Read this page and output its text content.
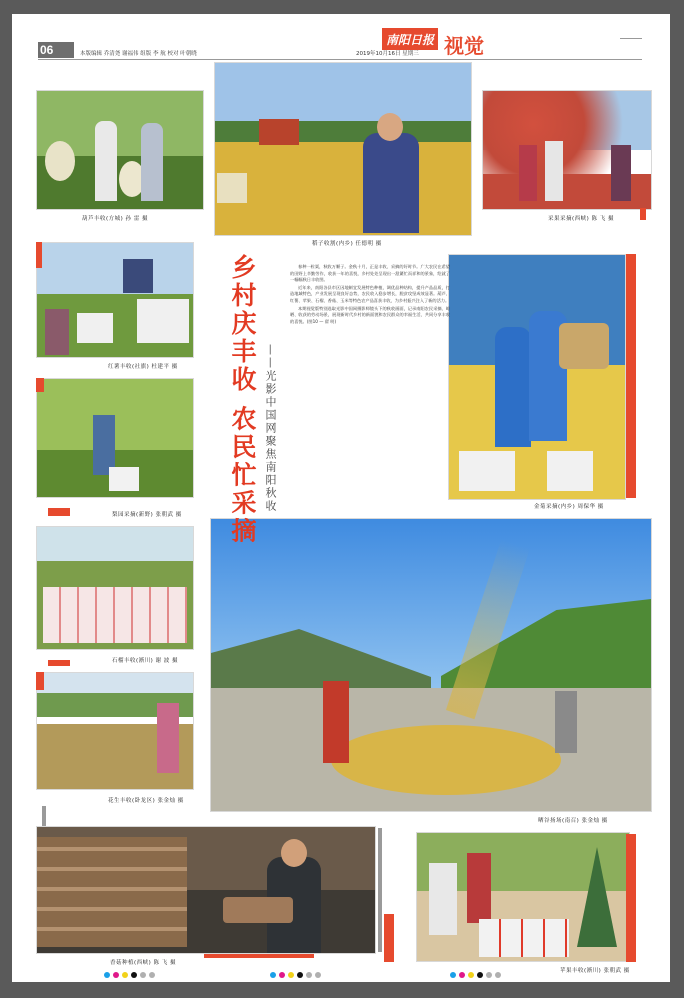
06	本版编辑 乔清尧 谢福伟 组版 李 航 校对 叶朝晓	2019年10月16日 星期三
南阳日报 视觉
葫芦丰收(方城) 孙 雷 摄
稻子收割(内乡) 任德明 摄
采果采摘(西峡) 陈 飞 摄
红薯丰收(社旗) 杜建平 摄
金菊采摘(内乡) 周保华 摄
梨园采摘(新野) 张朝武 摄
石榴丰收(淅川) 谢 波 摄
晒谷扬场(南召) 张金灿 摄
花生丰收(卧龙区) 张金灿 摄
香菇种植(西峡) 陈 飞 摄
苹果丰收(淅川) 张朝武 摄
乡村庆丰收 农民忙采摘 ——光影中国网聚焦南阳秋收

春种一粒粟，秋收万颗子。金秋十月，正是丰收、采摘的好时节。广大农民在希望的田野上辛勤劳作，收获一年的喜悦，乡村处处呈现出一派繁忙而祥和的景象，绘就了一幅幅秋日丰收图。

近年来，南阳各县市区因地制宜发展特色种植，调优品种结构，提升产品品质，打造地域特色，产业发展呈现良好态势，农民收入稳步增长，脱贫攻坚成效显著。葫芦、红薯、苹果、石榴、香菇、玉米等特色农产品喜获丰收，为乡村振兴注入了新的活力。

本期视觉版特别选取光影中国网摄影师镜头下的秋收画面，记录南阳农民采摘、晾晒、收获的劳动场景，展现新时代乡村的新面貌和农民群众的幸福生活，共同分享丰收的喜悦。(图10 — 翟 明)
